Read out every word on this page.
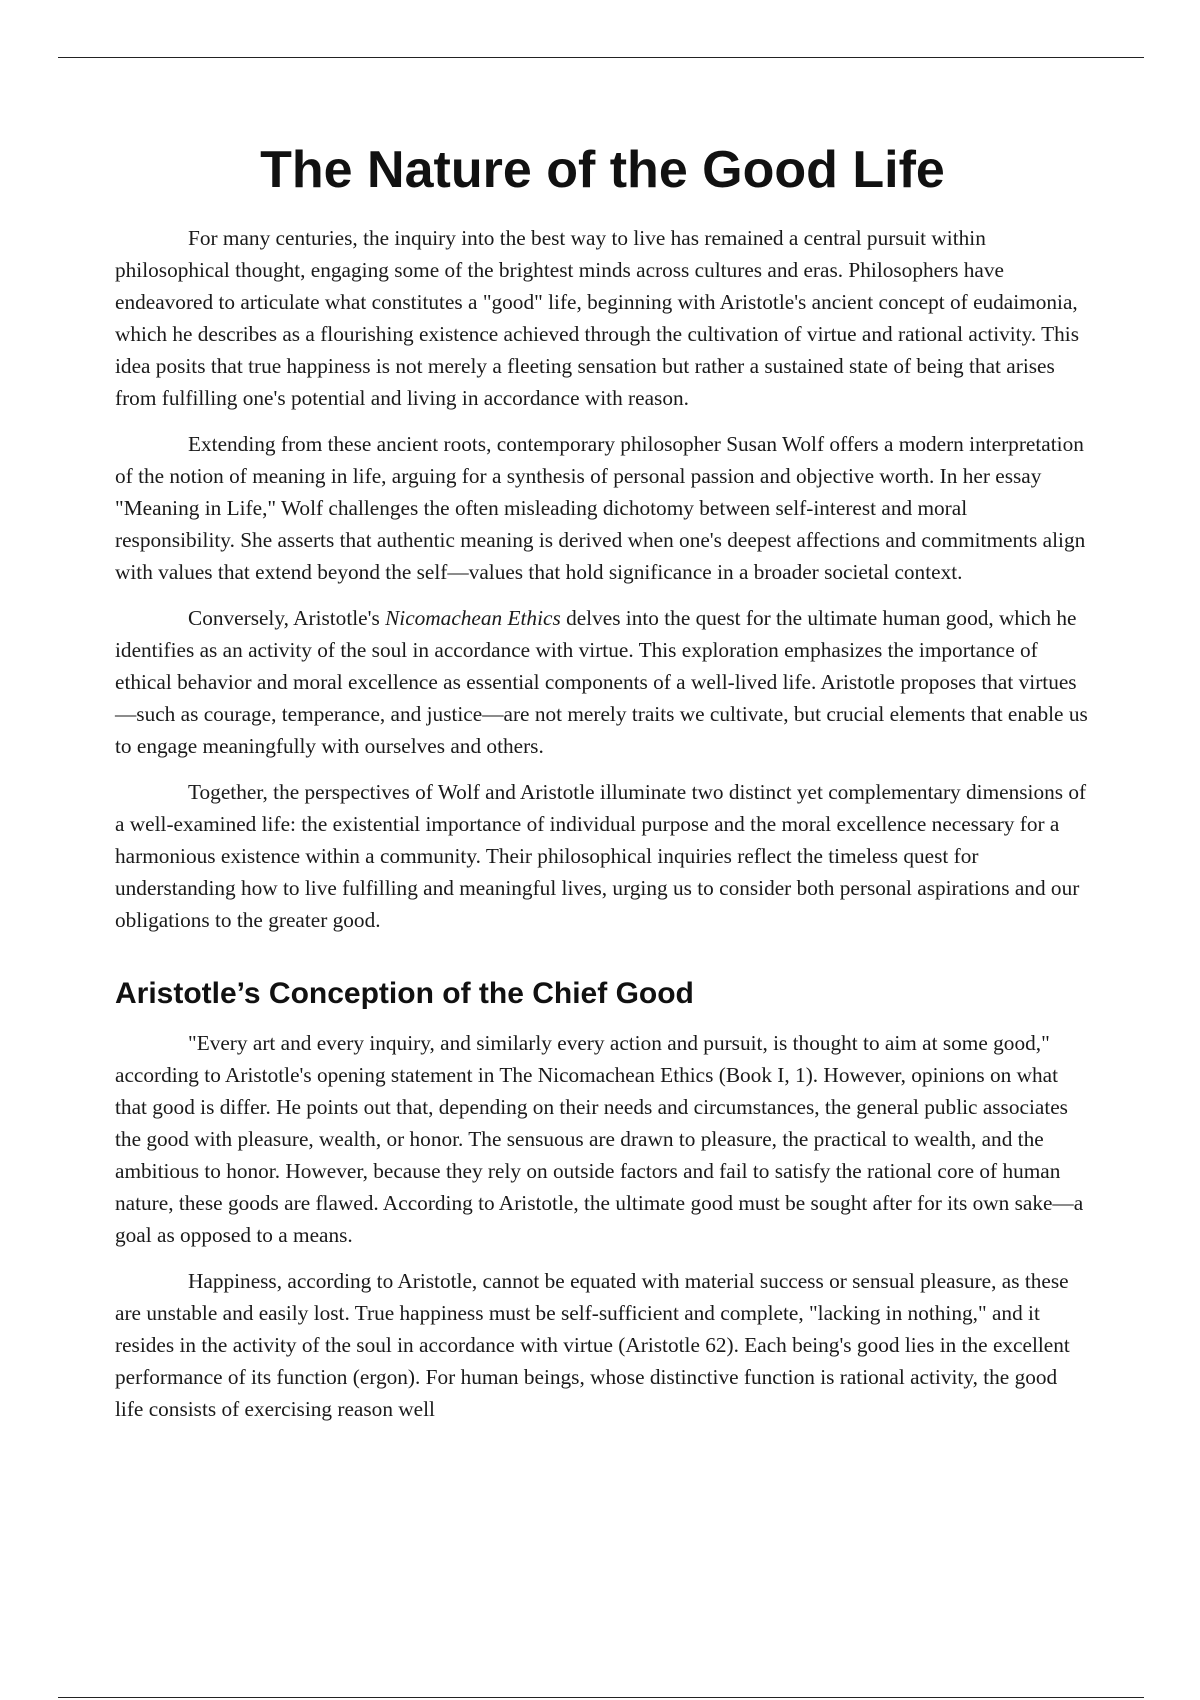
The Nature of the Good Life

For many centuries, the inquiry into the best way to live has remained a central pursuit within philosophical thought, engaging some of the brightest minds across cultures and eras. Philosophers have endeavored to articulate what constitutes a "good" life, beginning with Aristotle's ancient concept of eudaimonia, which he describes as a flourishing existence achieved through the cultivation of virtue and rational activity. This idea posits that true happiness is not merely a fleeting sensation but rather a sustained state of being that arises from fulfilling one's potential and living in accordance with reason.

Extending from these ancient roots, contemporary philosopher Susan Wolf offers a modern interpretation of the notion of meaning in life, arguing for a synthesis of personal passion and objective worth. In her essay "Meaning in Life," Wolf challenges the often misleading dichotomy between self-interest and moral responsibility. She asserts that authentic meaning is derived when one's deepest affections and commitments align with values that extend beyond the self—values that hold significance in a broader societal context.

Conversely, Aristotle's Nicomachean Ethics delves into the quest for the ultimate human good, which he identifies as an activity of the soul in accordance with virtue. This exploration emphasizes the importance of ethical behavior and moral excellence as essential components of a well-lived life. Aristotle proposes that virtues—such as courage, temperance, and justice—are not merely traits we cultivate, but crucial elements that enable us to engage meaningfully with ourselves and others.

Together, the perspectives of Wolf and Aristotle illuminate two distinct yet complementary dimensions of a well-examined life: the existential importance of individual purpose and the moral excellence necessary for a harmonious existence within a community. Their philosophical inquiries reflect the timeless quest for understanding how to live fulfilling and meaningful lives, urging us to consider both personal aspirations and our obligations to the greater good.

Aristotle’s Conception of the Chief Good

"Every art and every inquiry, and similarly every action and pursuit, is thought to aim at some good," according to Aristotle's opening statement in The Nicomachean Ethics (Book I, 1). However, opinions on what that good is differ. He points out that, depending on their needs and circumstances, the general public associates the good with pleasure, wealth, or honor. The sensuous are drawn to pleasure, the practical to wealth, and the ambitious to honor. However, because they rely on outside factors and fail to satisfy the rational core of human nature, these goods are flawed. According to Aristotle, the ultimate good must be sought after for its own sake—a goal as opposed to a means.

Happiness, according to Aristotle, cannot be equated with material success or sensual pleasure, as these are unstable and easily lost. True happiness must be self-sufficient and complete, "lacking in nothing," and it resides in the activity of the soul in accordance with virtue (Aristotle 62). Each being's good lies in the excellent performance of its function (ergon). For human beings, whose distinctive function is rational activity, the good life consists of exercising reason well
